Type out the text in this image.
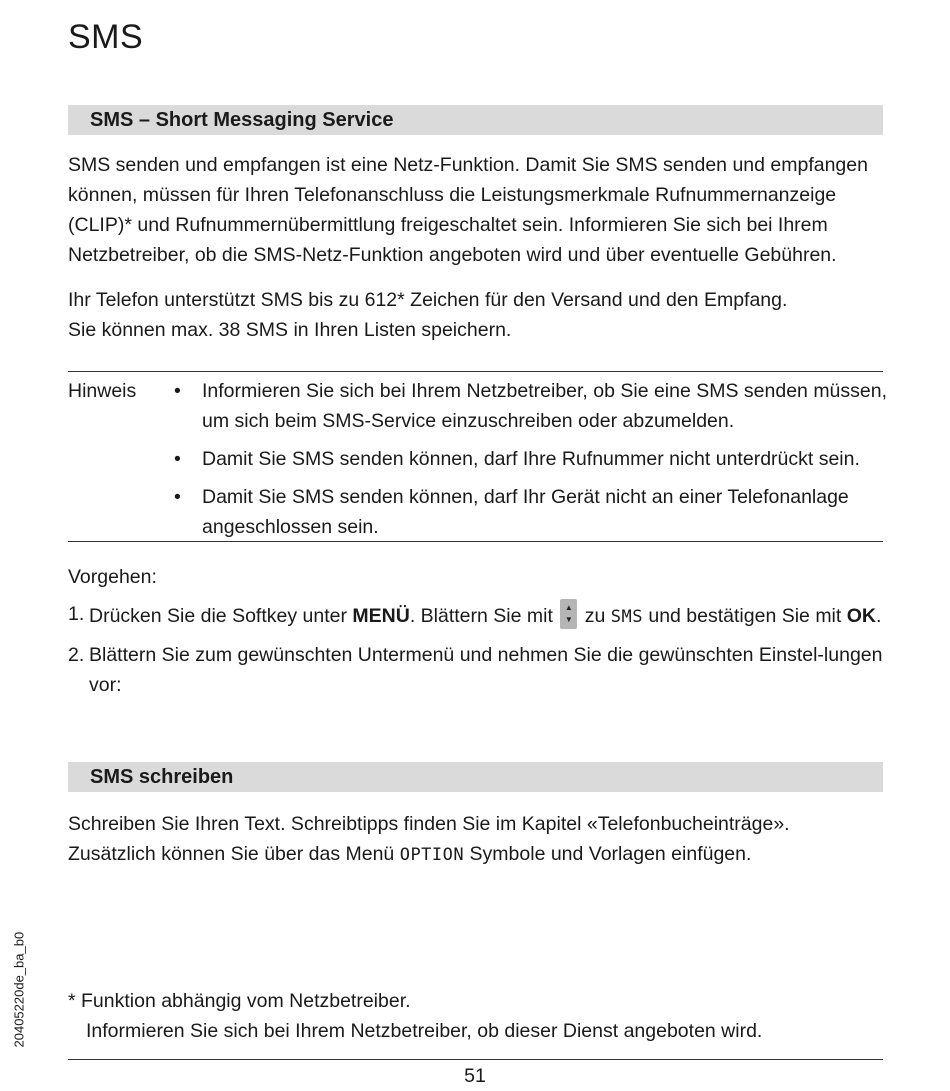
SMS
SMS – Short Messaging Service

SMS senden und empfangen ist eine Netz-Funktion. Damit Sie SMS senden und empfangen können, müssen für Ihren Telefonanschluss die Leistungsmerkmale Rufnummernanzeige (CLIP)* und Rufnummernübermittlung freigeschaltet sein. Informieren Sie sich bei Ihrem Netzbetreiber, ob die SMS-Netz-Funktion angeboten wird und über eventuelle Gebühren.

Ihr Telefon unterstützt SMS bis zu 612* Zeichen für den Versand und den Empfang.

Sie können max. 38 SMS in Ihren Listen speichern.

Hinweis
•	Informieren Sie sich bei Ihrem Netzbetreiber, ob Sie eine SMS senden müssen, um sich beim SMS-Service einzuschreiben oder abzumelden.
• Damit Sie SMS senden können, darf Ihre Rufnummer nicht unterdrückt sein.
• Damit Sie SMS senden können, darf Ihr Gerät nicht an einer Telefonanlage angeschlossen sein.
Vorgehen:
1. Drücken Sie die Softkey unter MENÜ. Blättern Sie mit ▲
▼ zu SMS und bestätigen Sie mit OK.
2. Blättern Sie zum gewünschten Untermenü und nehmen Sie die gewünschten Einstel-lungen vor:
SMS schreiben

Schreiben Sie Ihren Text. Schreibtipps finden Sie im Kapitel «Telefonbucheinträge».

Zusätzlich können Sie über das Menü OPTION Symbole und Vorlagen einfügen.

20405220de_ba_b0 * Funktion abhängig vom Netzbetreiber.

Informieren Sie sich bei Ihrem Netzbetreiber, ob dieser Dienst angeboten wird.

51
